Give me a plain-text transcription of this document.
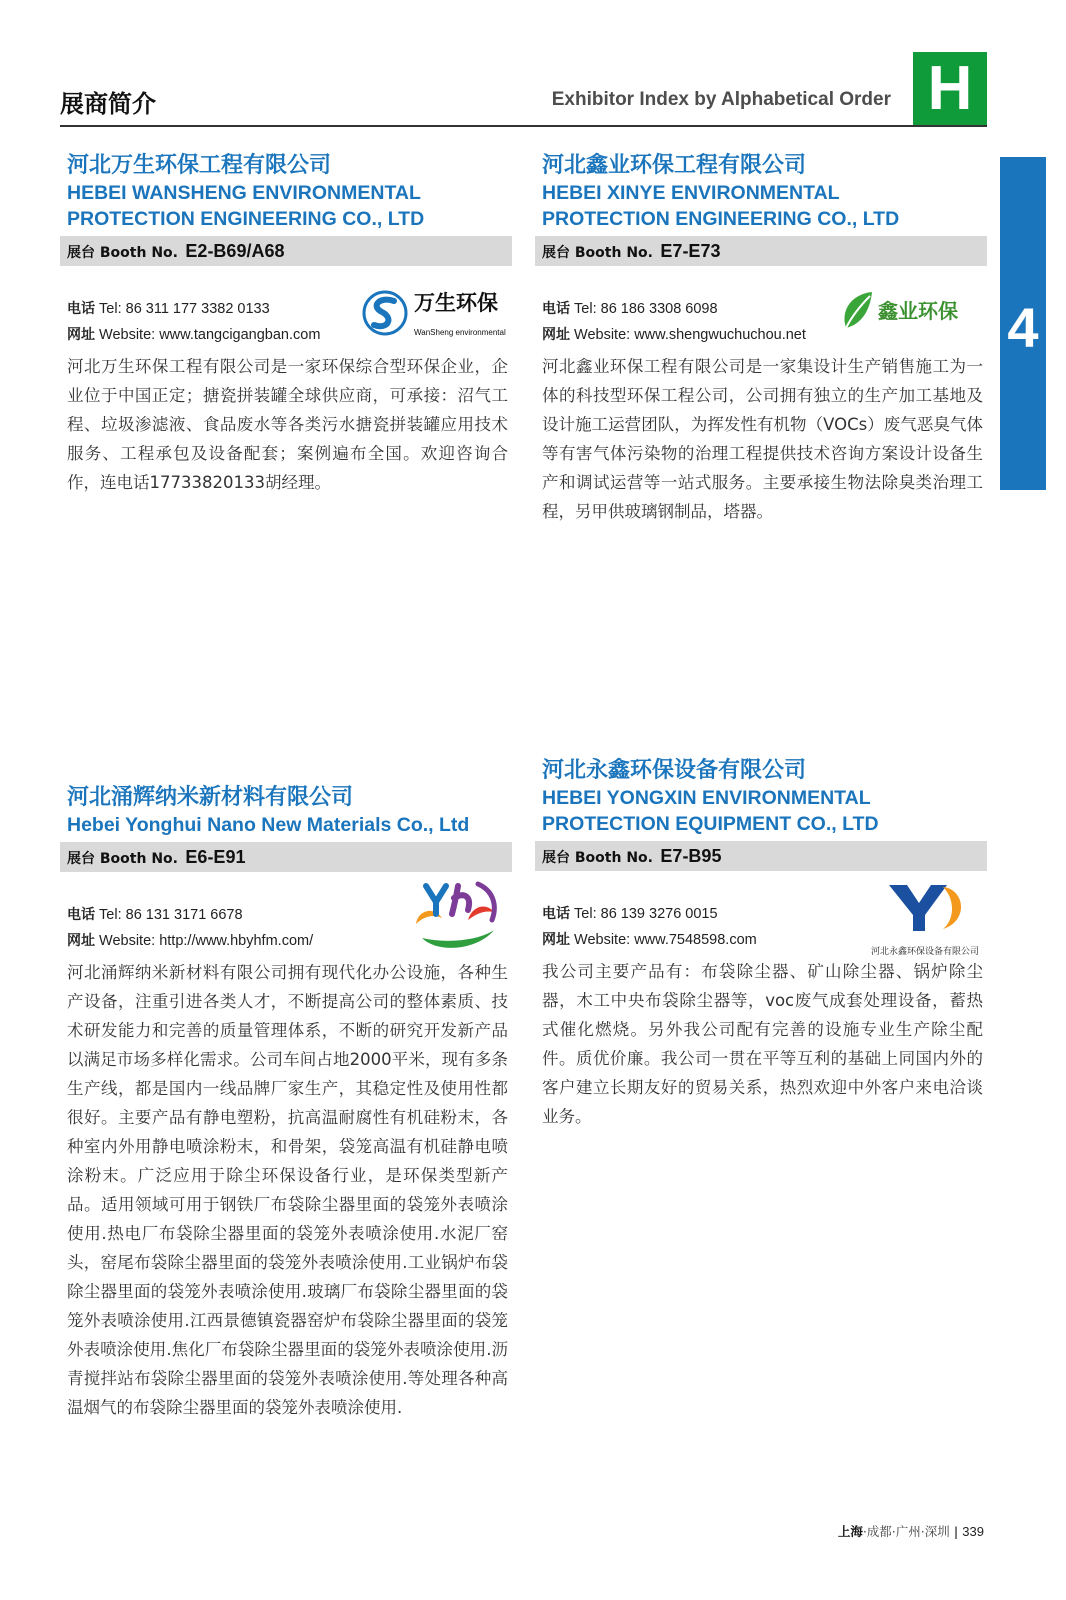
展商简介	Exhibitor Index by Alphabetical Order H
4
河北万生环保工程有限公司
HEBEI WANSHENG ENVIRONMENTAL
PROTECTION ENGINEERING CO., LTD
展台 Booth No. E2-B69/A68
电话 Tel: 86 311 177 3382 0133
网址 Website: www.tangcigangban.com
万生环保
WanSheng environmental
河北万生环保工程有限公司是一家环保综合型环保企业，企业位于中国正定；搪瓷拼装罐全球供应商，可承接：沼气工程、垃圾渗滤液、食品废水等各类污水搪瓷拼装罐应用技术服务、工程承包及设备配套；案例遍布全国。欢迎咨询合作，连电话17733820133胡经理。
河北鑫业环保工程有限公司
HEBEI XINYE ENVIRONMENTAL
PROTECTION ENGINEERING CO., LTD
展台 Booth No. E7-E73
电话 Tel: 86 186 3308 6098
网址 Website: www.shengwuchuchou.net
鑫业环保
河北鑫业环保工程有限公司是一家集设计生产销售施工为一体的科技型环保工程公司，公司拥有独立的生产加工基地及设计施工运营团队，为挥发性有机物（VOCs）废气恶臭气体等有害气体污染物的治理工程提供技术咨询方案设计设备生产和调试运营等一站式服务。主要承接生物法除臭类治理工程，另甲供玻璃钢制品，塔器。
河北涌辉纳米新材料有限公司
Hebei Yonghui Nano New Materials Co., Ltd
展台 Booth No. E6-E91
电话 Tel: 86 131 3171 6678
网址 Website: http://www.hbyhfm.com/
河北涌辉纳米新材料有限公司拥有现代化办公设施，各种生产设备，注重引进各类人才，不断提高公司的整体素质、技术研发能力和完善的质量管理体系，不断的研究开发新产品以满足市场多样化需求。公司车间占地2000平米，现有多条生产线，都是国内一线品牌厂家生产，其稳定性及使用性都很好。主要产品有静电塑粉，抗高温耐腐性有机硅粉末，各种室内外用静电喷涂粉末，和骨架，袋笼高温有机硅静电喷涂粉末。广泛应用于除尘环保设备行业，是环保类型新产品。适用领域可用于钢铁厂布袋除尘器里面的袋笼外表喷涂使用.热电厂布袋除尘器里面的袋笼外表喷涂使用.水泥厂窑头，窑尾布袋除尘器里面的袋笼外表喷涂使用.工业锅炉布袋除尘器里面的袋笼外表喷涂使用.玻璃厂布袋除尘器里面的袋笼外表喷涂使用.江西景德镇瓷器窑炉布袋除尘器里面的袋笼外表喷涂使用.焦化厂布袋除尘器里面的袋笼外表喷涂使用.沥青搅拌站布袋除尘器里面的袋笼外表喷涂使用.等处理各种高温烟气的布袋除尘器里面的袋笼外表喷涂使用.
河北永鑫环保设备有限公司
HEBEI YONGXIN ENVIRONMENTAL
PROTECTION EQUIPMENT CO., LTD
展台 Booth No. E7-B95
电话 Tel: 86 139 3276 0015
网址 Website: www.7548598.com
河北永鑫环保设备有限公司
我公司主要产品有：布袋除尘器、矿山除尘器、锅炉除尘器，木工中央布袋除尘器等，voc废气成套处理设备，蓄热式催化燃烧。另外我公司配有完善的设施专业生产除尘配件。质优价廉。我公司一贯在平等互利的基础上同国内外的客户建立长期友好的贸易关系，热烈欢迎中外客户来电洽谈业务。
上海·成都·广州·深圳 | 339
